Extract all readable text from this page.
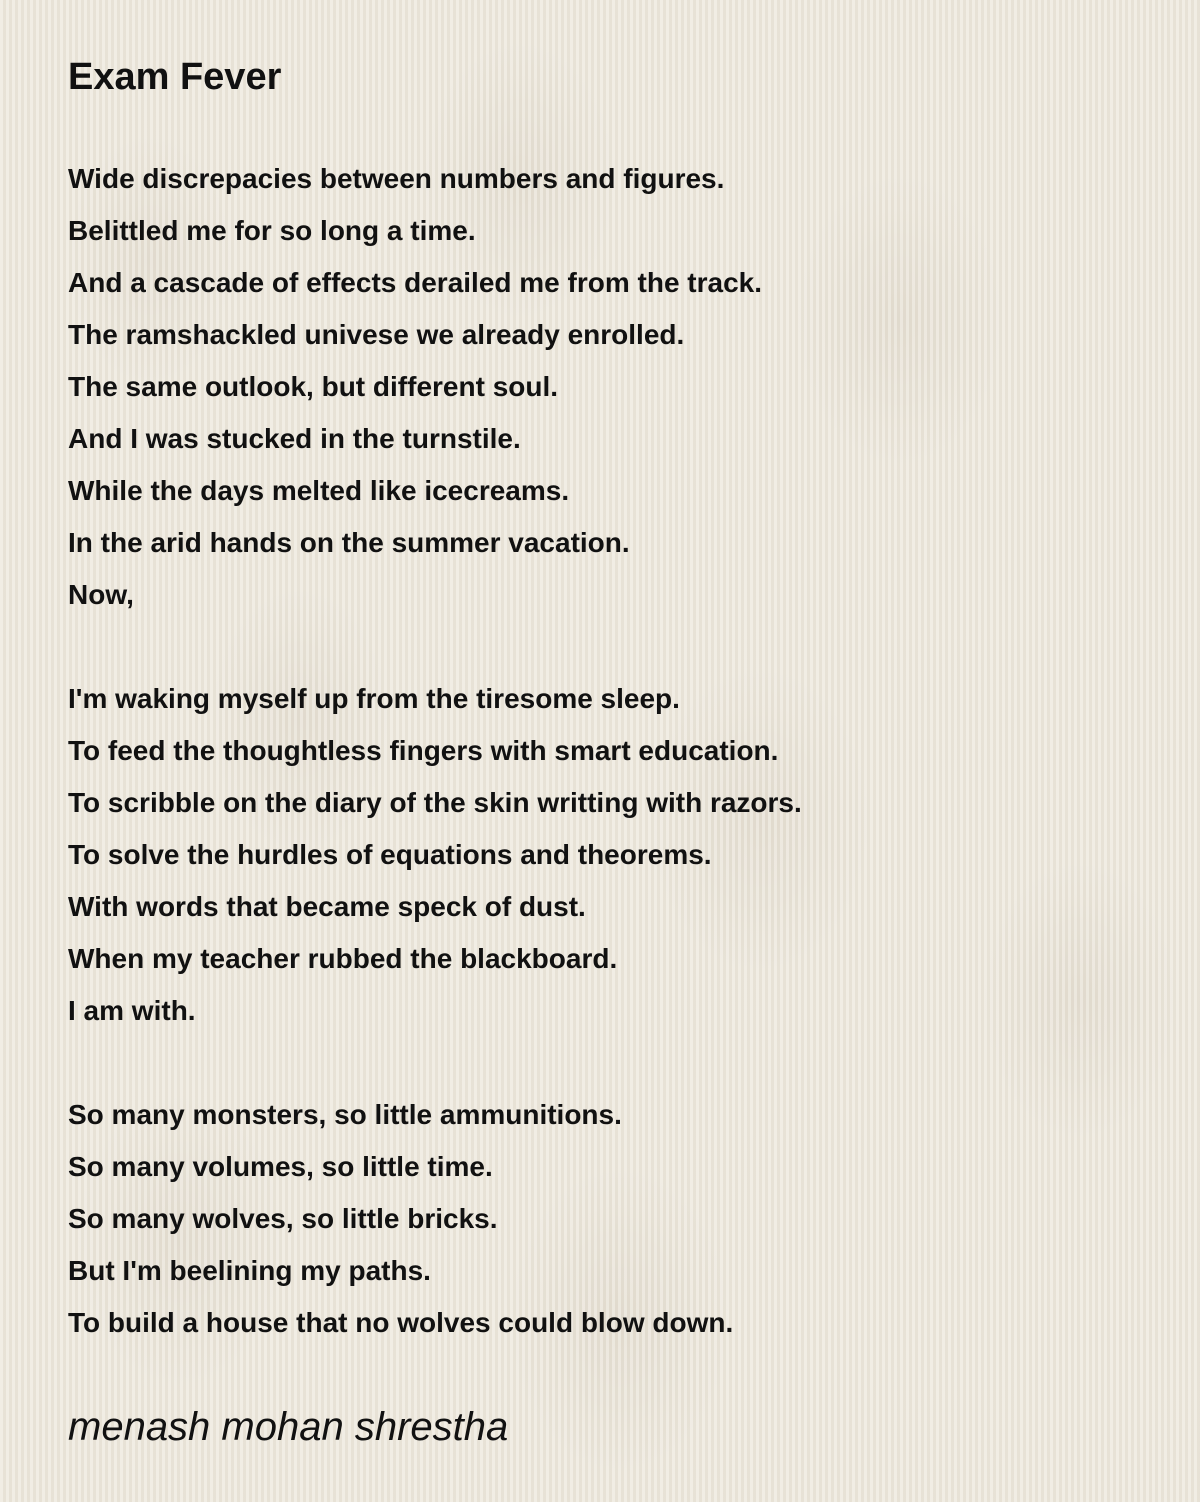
Exam Fever
Wide discrepacies between numbers and figures.
Belittled me for so long a time.
And a cascade of effects derailed me from the track.
The ramshackled univese we already enrolled.
The same outlook, but different soul.
And I was stucked in the turnstile.
While the days melted like icecreams.
In the arid hands on the summer vacation.
Now,
I'm waking myself up from the tiresome sleep.
To feed the thoughtless fingers with smart education.
To scribble on the diary of the skin writting with razors.
To solve the hurdles of equations and theorems.
With words that became speck of dust.
When my teacher rubbed the blackboard.
I am with.
So many monsters, so little ammunitions.
So many volumes, so little time.
So many wolves, so little bricks.
But I'm beelining my paths.
To build a house that no wolves could blow down.

menash mohan shrestha
